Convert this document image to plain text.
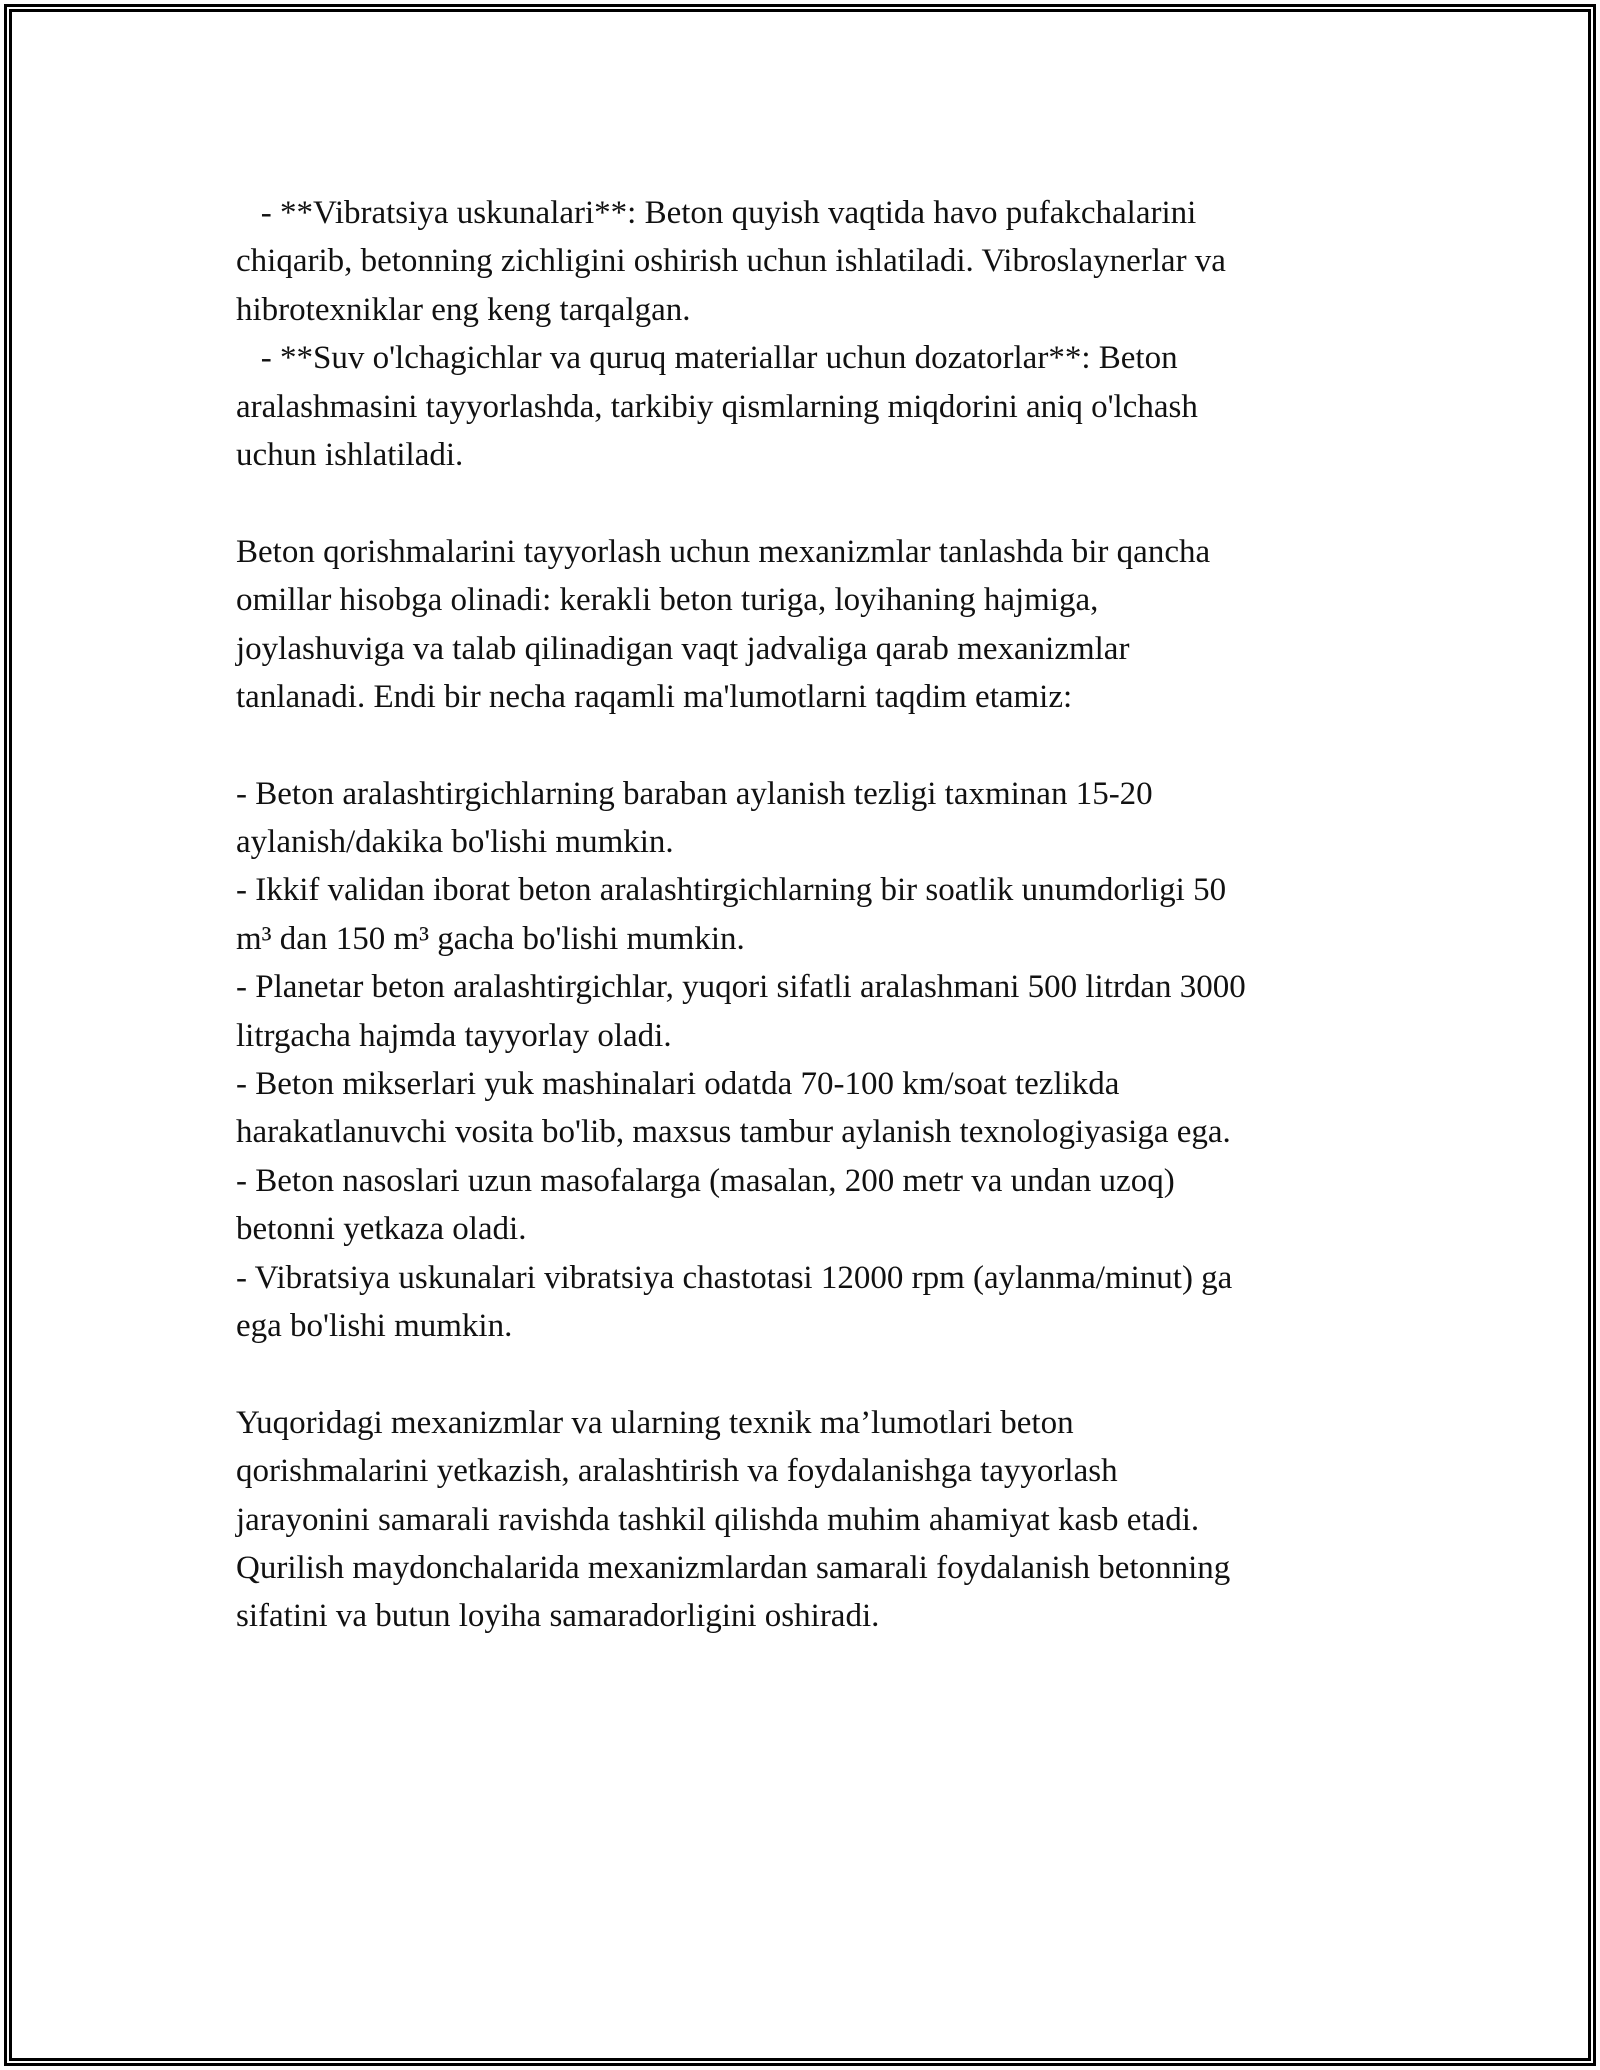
- **Vibratsiya uskunalari**: Beton quyish vaqtida havo pufakchalarini
chiqarib, betonning zichligini oshirish uchun ishlatiladi. Vibroslaynerlar va
hibrotexniklar eng keng tarqalgan.
- **Suv o'lchagichlar va quruq materiallar uchun dozatorlar**: Beton
aralashmasini tayyorlashda, tarkibiy qismlarning miqdorini aniq o'lchash
uchun ishlatiladi.
Beton qorishmalarini tayyorlash uchun mexanizmlar tanlashda bir qancha
omillar hisobga olinadi: kerakli beton turiga, loyihaning hajmiga,
joylashuviga va talab qilinadigan vaqt jadvaliga qarab mexanizmlar
tanlanadi. Endi bir necha raqamli ma'lumotlarni taqdim etamiz:
- Beton aralashtirgichlarning baraban aylanish tezligi taxminan 15-20
aylanish/dakika bo'lishi mumkin.
- Ikkif validan iborat beton aralashtirgichlarning bir soatlik unumdorligi 50
m³ dan 150 m³ gacha bo'lishi mumkin.
- Planetar beton aralashtirgichlar, yuqori sifatli aralashmani 500 litrdan 3000
litrgacha hajmda tayyorlay oladi.
- Beton mikserlari yuk mashinalari odatda 70-100 km/soat tezlikda
harakatlanuvchi vosita bo'lib, maxsus tambur aylanish texnologiyasiga ega.
- Beton nasoslari uzun masofalarga (masalan, 200 metr va undan uzoq)
betonni yetkaza oladi.
- Vibratsiya uskunalari vibratsiya chastotasi 12000 rpm (aylanma/minut) ga
ega bo'lishi mumkin.
Yuqoridagi mexanizmlar va ularning texnik ma’lumotlari beton
qorishmalarini yetkazish, aralashtirish va foydalanishga tayyorlash
jarayonini samarali ravishda tashkil qilishda muhim ahamiyat kasb etadi.
Qurilish maydonchalarida mexanizmlardan samarali foydalanish betonning
sifatini va butun loyiha samaradorligini oshiradi.
